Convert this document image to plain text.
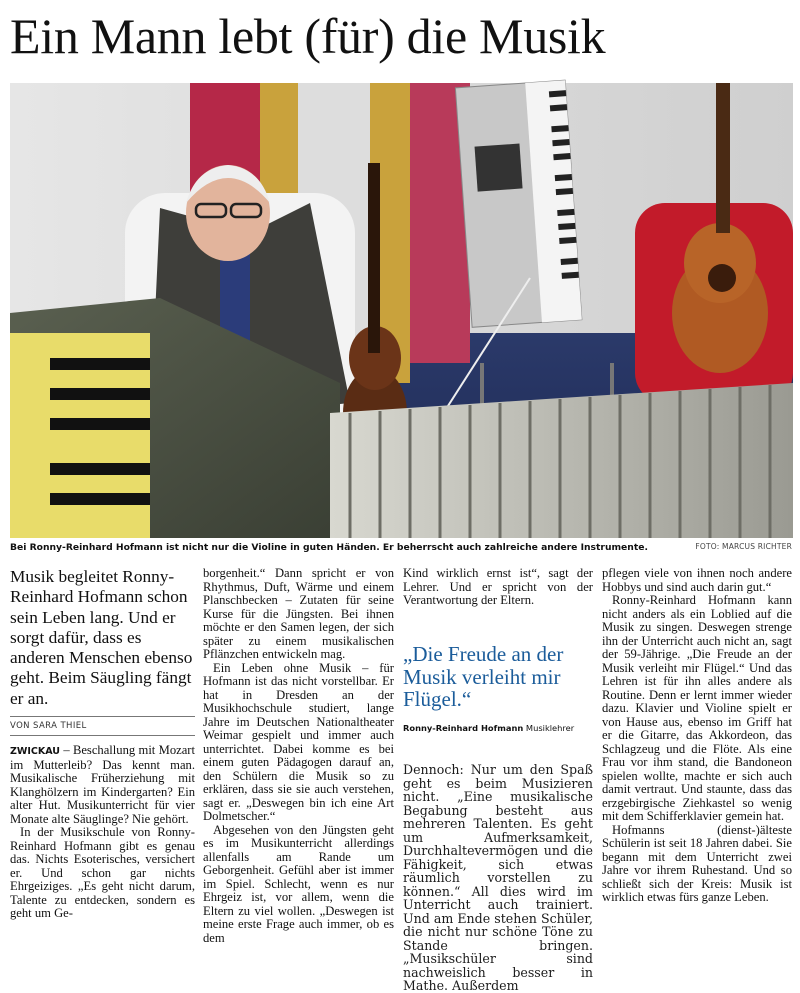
Ein Mann lebt (für) die Musik
Bei Ronny-Reinhard Hofmann ist nicht nur die Violine in guten Händen. Er beherrscht auch zahlreiche andere Instrumente.	FOTO: MARCUS RICHTER
Musik begleitet Ronny-Reinhard Hofmann schon sein Leben lang. Und er sorgt dafür, dass es anderen Menschen ebenso geht. Beim Säugling fängt er an.
VON SARA THIEL

ZWICKAU – Beschallung mit Mozart im Mutterleib? Das kennt man. Musikalische Früherziehung mit Klanghölzern im Kindergarten? Ein alter Hut. Musikunterricht für vier Monate alte Säuglinge? Nie gehört.

In der Musikschule von Ronny-Reinhard Hofmann gibt es genau das. Nichts Esoterisches, versichert er. Und schon gar nichts Ehrgeiziges. „Es geht nicht darum, Talente zu entdecken, sondern es geht um Ge-

borgenheit.“ Dann spricht er von Rhythmus, Duft, Wärme und einem Planschbecken – Zutaten für seine Kurse für die Jüngsten. Bei ihnen möchte er den Samen legen, der sich später zu einem musikalischen Pflänzchen entwickeln mag.

Ein Leben ohne Musik – für Hofmann ist das nicht vorstellbar. Er hat in Dresden an der Musikhochschule studiert, lange Jahre im Deutschen Nationaltheater Weimar gespielt und immer auch unterrichtet. Dabei komme es bei einem guten Pädagogen darauf an, den Schülern die Musik so zu erklären, dass sie sie auch verstehen, sagt er. „Deswegen bin ich eine Art Dolmetscher.“

Abgesehen von den Jüngsten geht es im Musikunterricht allerdings allenfalls am Rande um Geborgenheit. Gefühl aber ist immer im Spiel. Schlecht, wenn es nur Ehrgeiz ist, vor allem, wenn die Eltern zu viel wollen. „Deswegen ist meine erste Frage auch immer, ob es dem

Kind wirklich ernst ist“, sagt der Lehrer. Und er spricht von der Verantwortung der Eltern.

„Die Freude an der Musik verleiht mir Flügel.“
Ronny-Reinhard Hofmann Musiklehrer

Dennoch: Nur um den Spaß geht es beim Musizieren nicht. „Eine musikalische Begabung besteht aus mehreren Talenten. Es geht um Aufmerksamkeit, Durchhaltevermögen und die Fähigkeit, sich etwas räumlich vorstellen zu können.“ All dies wird im Unterricht auch trainiert. Und am Ende stehen Schüler, die nicht nur schöne Töne zu Stande bringen. „Musikschüler sind nachweislich besser in Mathe. Außerdem

pflegen viele von ihnen noch andere Hobbys und sind auch darin gut.“

Ronny-Reinhard Hofmann kann nicht anders als ein Loblied auf die Musik zu singen. Deswegen strenge ihn der Unterricht auch nicht an, sagt der 59-Jährige. „Die Freude an der Musik verleiht mir Flügel.“ Und das Lehren ist für ihn alles andere als Routine. Denn er lernt immer wieder dazu. Klavier und Violine spielt er von Hause aus, ebenso im Griff hat er die Gitarre, das Akkordeon, das Schlagzeug und die Flöte. Als eine Frau vor ihm stand, die Bandoneon spielen wollte, machte er sich auch damit vertraut. Und staunte, dass das erzgebirgische Ziehkastel so wenig mit dem Schifferklavier gemein hat.

Hofmanns (dienst-)älteste Schülerin ist seit 18 Jahren dabei. Sie begann mit dem Unterricht zwei Jahre vor ihrem Ruhestand. Und so schließt sich der Kreis: Musik ist wirklich etwas fürs ganze Leben.
